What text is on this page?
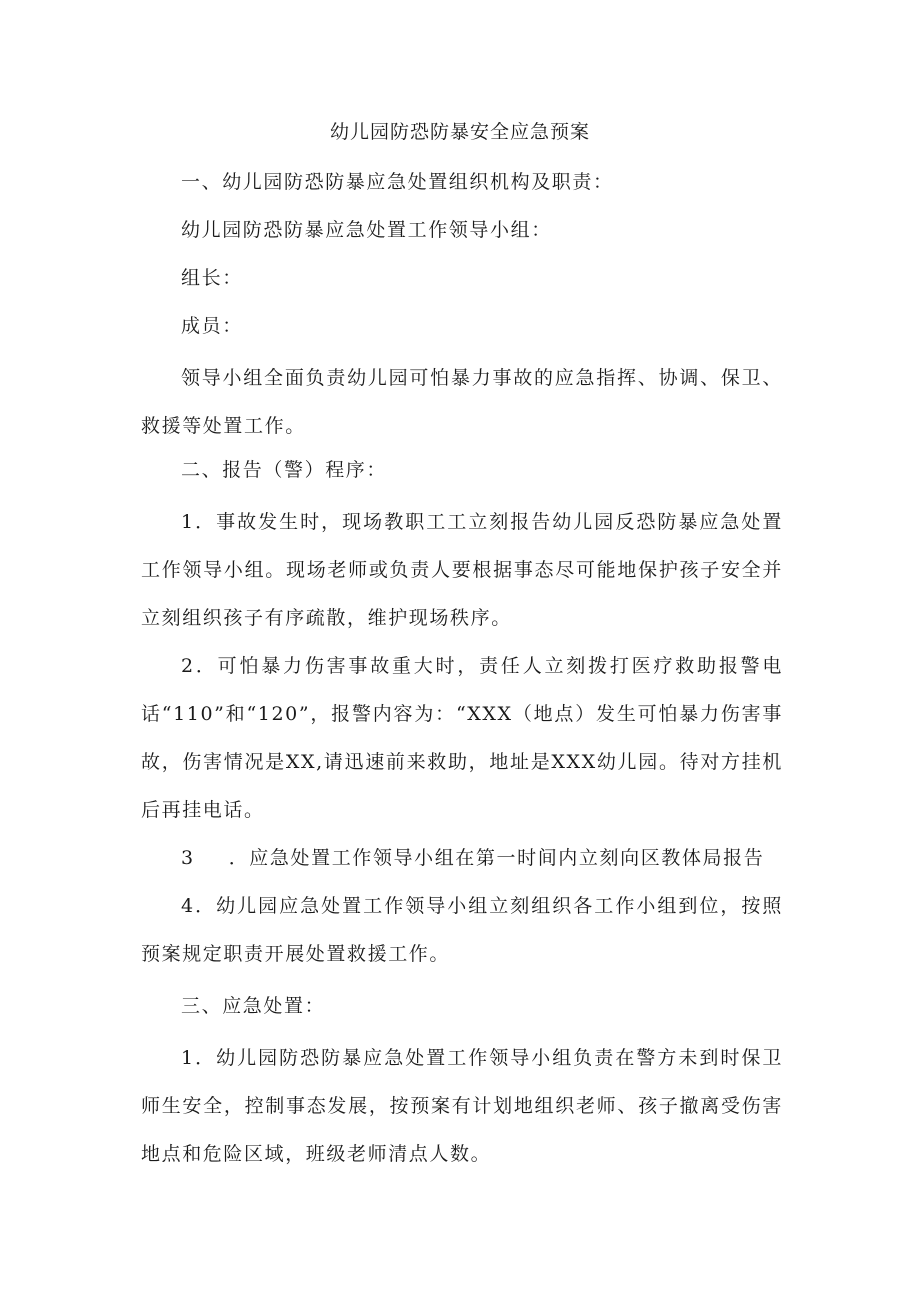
幼儿园防恐防暴安全应急预案
一、幼儿园防恐防暴应急处置组织机构及职责：
幼儿园防恐防暴应急处置工作领导小组：
组长：
成员：

领导小组全面负责幼儿园可怕暴力事故的应急指挥、协调、保卫、救援等处置工作。

二、报告（警）程序：

1．事故发生时，现场教职工工立刻报告幼儿园反恐防暴应急处置工作领导小组。现场老师或负责人要根据事态尽可能地保护孩子安全并立刻组织孩子有序疏散，维护现场秩序。

2．可怕暴力伤害事故重大时，责任人立刻拨打医疗救助报警电话“110”和“120”，报警内容为：“XXX（地点）发生可怕暴力伤害事故，伤害情况是XX,请迅速前来救助，地址是XXX幼儿园。待对方挂机后再挂电话。

3 ．应急处置工作领导小组在第一时间内立刻向区教体局报告

4．幼儿园应急处置工作领导小组立刻组织各工作小组到位，按照预案规定职责开展处置救援工作。

三、应急处置：

1．幼儿园防恐防暴应急处置工作领导小组负责在警方未到时保卫师生安全，控制事态发展，按预案有计划地组织老师、孩子撤离受伤害地点和危险区域，班级老师清点人数。
